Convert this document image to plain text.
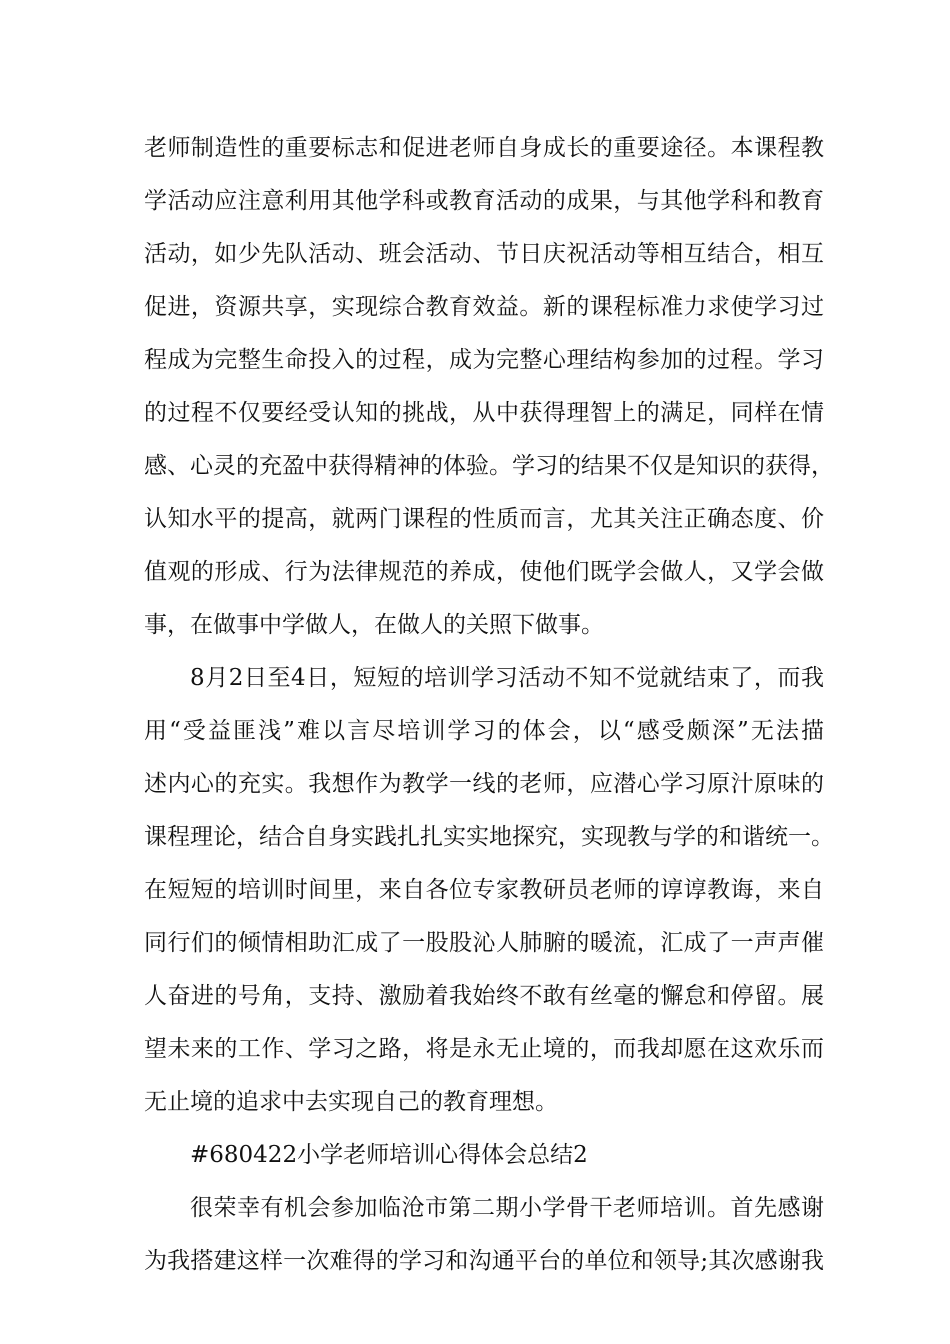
老师制造性的重要标志和促进老师自身成长的重要途径。本课程教
学活动应注意利用其他学科或教育活动的成果，与其他学科和教育
活动，如少先队活动、班会活动、节日庆祝活动等相互结合，相互
促进，资源共享，实现综合教育效益。新的课程标准力求使学习过
程成为完整生命投入的过程，成为完整心理结构参加的过程。学习
的过程不仅要经受认知的挑战，从中获得理智上的满足，同样在情
感、心灵的充盈中获得精神的体验。学习的结果不仅是知识的获得，
认知水平的提高，就两门课程的性质而言，尤其关注正确态度、价
值观的形成、行为法律规范的养成，使他们既学会做人，又学会做
事，在做事中学做人，在做人的关照下做事。
8月2日至4日，短短的培训学习活动不知不觉就结束了，而我
用“受益匪浅”难以言尽培训学习的体会，以“感受颇深”无法描
述内心的充实。我想作为教学一线的老师，应潜心学习原汁原味的
课程理论，结合自身实践扎扎实实地探究，实现教与学的和谐统一。
在短短的培训时间里，来自各位专家教研员老师的谆谆教诲，来自
同行们的倾情相助汇成了一股股沁人肺腑的暖流，汇成了一声声催
人奋进的号角，支持、激励着我始终不敢有丝毫的懈怠和停留。展
望未来的工作、学习之路，将是永无止境的，而我却愿在这欢乐而
无止境的追求中去实现自己的教育理想。
#680422小学老师培训心得体会总结2
很荣幸有机会参加临沧市第二期小学骨干老师培训。首先感谢
为我搭建这样一次难得的学习和沟通平台的单位和领导;其次感谢我
